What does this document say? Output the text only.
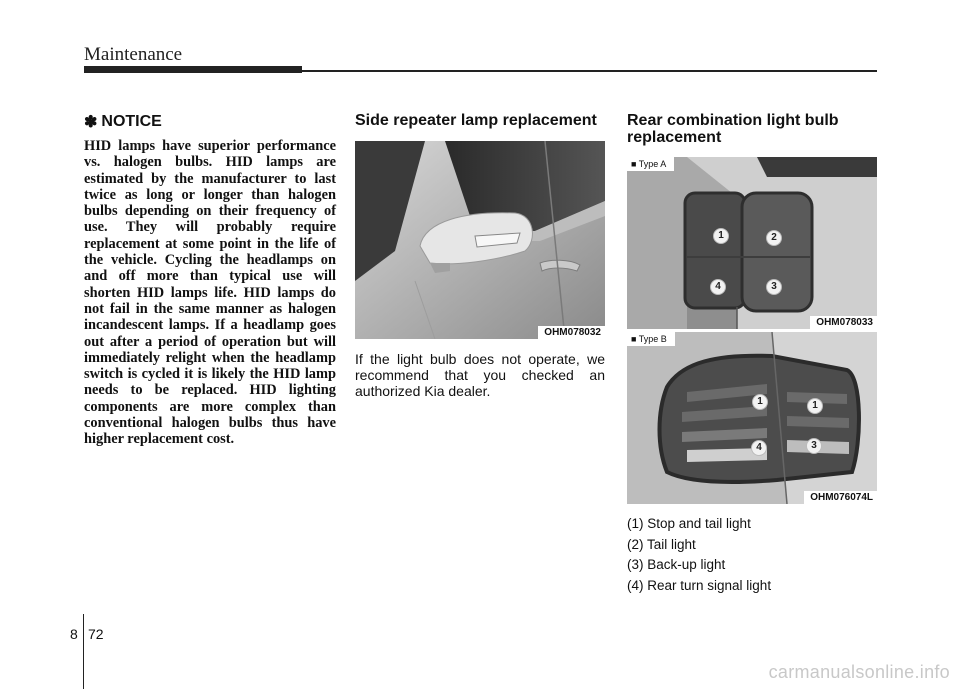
Maintenance
✽ NOTICE

HID lamps have superior performance vs. halogen bulbs. HID lamps are estimated by the manufacturer to last twice as long or longer than halogen bulbs depending on their frequency of use. They will probably require replacement at some point in the life of the vehicle. Cycling the headlamps on and off more than typical use will shorten HID lamps life. HID lamps do not fail in the same manner as halogen incandescent lamps. If a headlamp goes out after a period of operation but will immediately relight when the headlamp switch is cycled it is likely the HID lamp needs to be replaced. HID lighting components are more complex than conventional halogen bulbs thus have higher replacement cost.

Side repeater lamp replacement

OHM078032

If the light bulb does not operate, we recommend that you checked an authorized Kia dealer.

Rear combination light bulb replacement

■ Type A
1	2
4	3
OHM078033
■ Type B
1	1
4	3
OHM076074L

(1) Stop and tail light

(2) Tail light

(3) Back-up light

(4) Rear turn signal light

8 72
carmanualsonline.info
